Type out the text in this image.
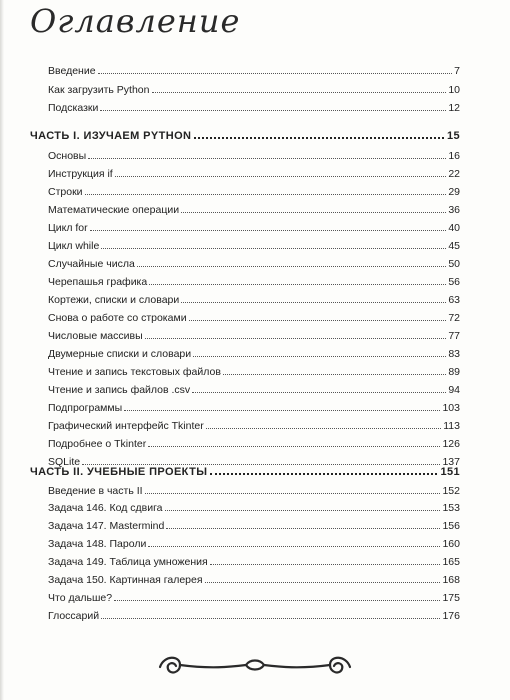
Оглавление
Введение	7
Как загрузить Python	10
Подсказки	12
ЧАСТЬ I. ИЗУЧАЕМ PYTHON	15
Основы	16
Инструкция if	22
Строки	29
Математические операции	36
Цикл for	40
Цикл while	45
Случайные числа	50
Черепашья графика	56
Кортежи, списки и словари	63
Снова о работе со строками	72
Числовые массивы	77
Двумерные списки и словари	83
Чтение и запись текстовых файлов	89
Чтение и запись файлов .csv	94
Подпрограммы	103
Графический интерфейс Tkinter	113
Подробнее о Tkinter	126
SQLite	137
ЧАСТЬ II. УЧЕБНЫЕ ПРОЕКТЫ	151
Введение в часть II	152
Задача 146. Код сдвига	153
Задача 147. Mastermind	156
Задача 148. Пароли	160
Задача 149. Таблица умножения	165
Задача 150. Картинная галерея	168
Что дальше?	175
Глоссарий	176
